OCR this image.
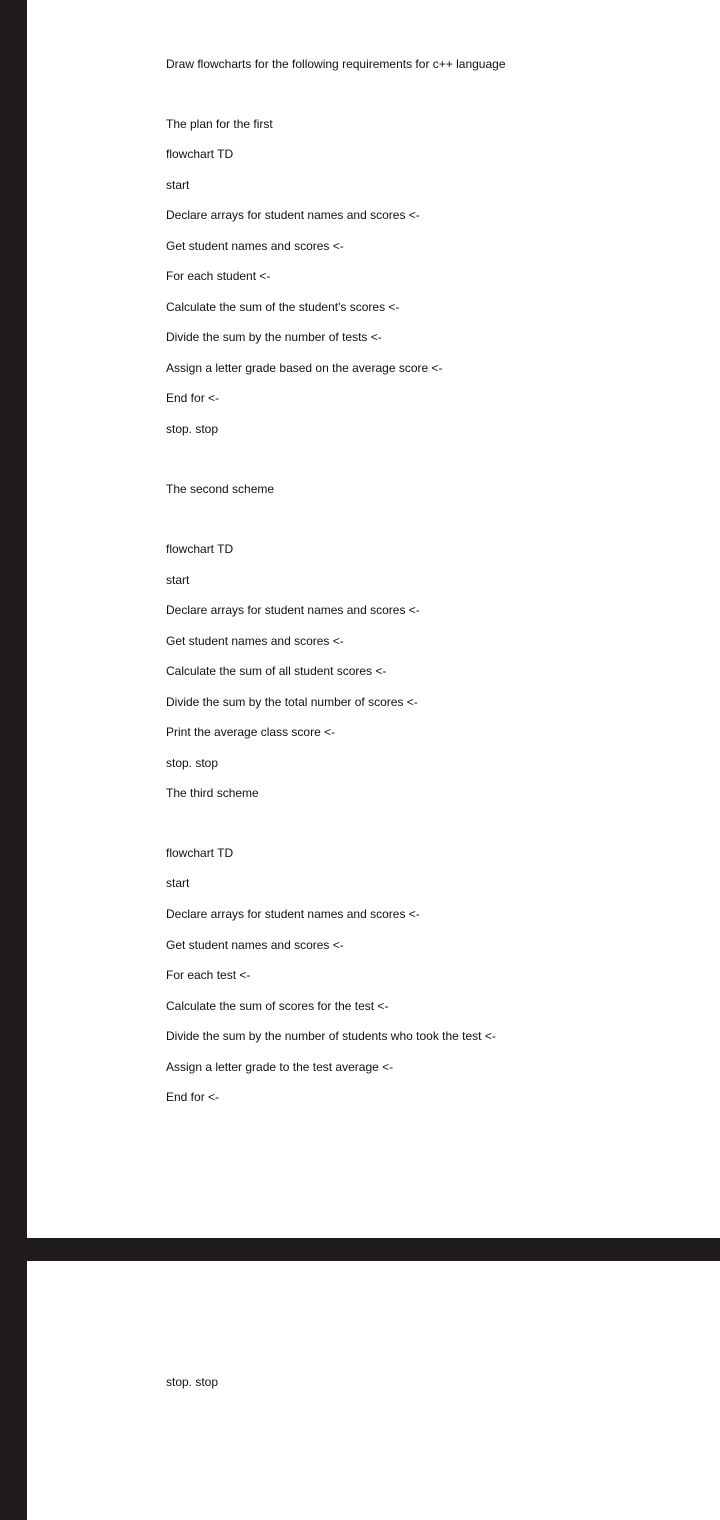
Draw flowcharts for the following requirements for c++ language
The plan for the first
flowchart TD
start
Declare arrays for student names and scores <-
Get student names and scores <-
For each student <-
Calculate the sum of the student's scores <-
Divide the sum by the number of tests <-
Assign a letter grade based on the average score <-
End for <-
stop. stop
The second scheme
flowchart TD
start
Declare arrays for student names and scores <-
Get student names and scores <-
Calculate the sum of all student scores <-
Divide the sum by the total number of scores <-
Print the average class score <-
stop. stop
The third scheme
flowchart TD
start
Declare arrays for student names and scores <-
Get student names and scores <-
For each test <-
Calculate the sum of scores for the test <-
Divide the sum by the number of students who took the test <-
Assign a letter grade to the test average <-
End for <-
stop. stop
